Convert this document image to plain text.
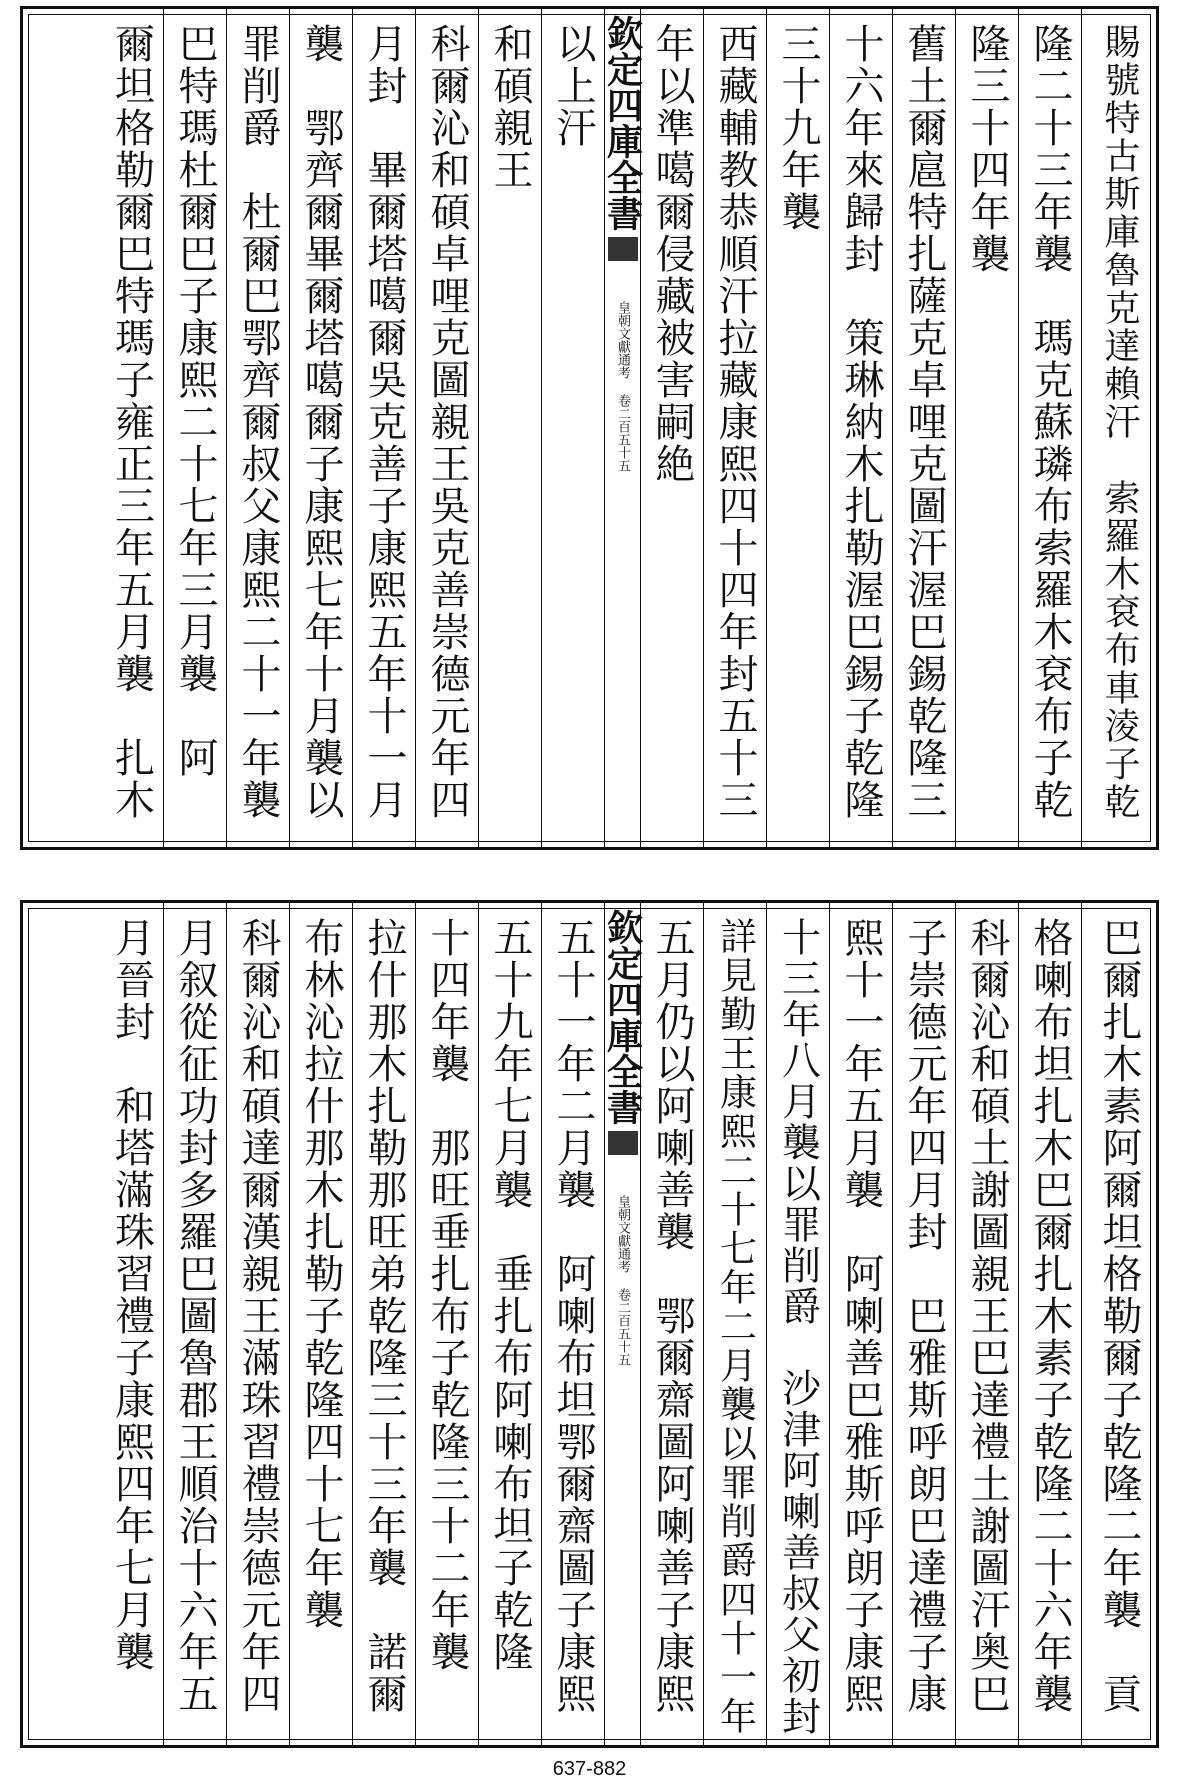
賜號特古斯庫魯克達賴汗　索羅木袞布車淩子乾
隆二十三年襲　瑪克蘇璘布索羅木袞布子乾
隆三十四年襲
舊土爾扈特扎薩克卓哩克圖汗渥巴錫乾隆三
十六年來歸封　策琳納木扎勒渥巴錫子乾隆
三十九年襲
西藏輔教恭順汗拉藏康熙四十四年封五十三
年以準噶爾侵藏被害嗣絶
欽定四庫全書
皇朝文獻通考 卷二百五十五
以上汗
和碩親王
科爾沁和碩卓哩克圖親王吳克善崇德元年四
月封　畢爾塔噶爾吳克善子康熙五年十一月
襲　鄂齊爾畢爾塔噶爾子康熙七年十月襲以
罪削爵　杜爾巴鄂齊爾叔父康熙二十一年襲
巴特瑪杜爾巴子康熙二十七年三月襲　阿
爾坦格勒爾巴特瑪子雍正三年五月襲　扎木
巴爾扎木素阿爾坦格勒爾子乾隆二年襲　貢
格喇布坦扎木巴爾扎木素子乾隆二十六年襲
科爾沁和碩土謝圖親王巴達禮土謝圖汗奥巴
子崇德元年四月封　巴雅斯呼朗巴達禮子康
熙十一年五月襲　阿喇善巴雅斯呼朗子康熙
十三年八月襲以罪削爵　沙津阿喇善叔父初封
詳見勤王康熙二十七年二月襲以罪削爵四十一年
五月仍以阿喇善襲　鄂爾齋圖阿喇善子康熙
欽定四庫全書
皇朝文獻通考 卷二百五十五
五十一年二月襲　阿喇布坦鄂爾齋圖子康熙
五十九年七月襲　垂扎布阿喇布坦子乾隆
十四年襲　那旺垂扎布子乾隆三十二年襲
拉什那木扎勒那旺弟乾隆三十三年襲　諾爾
布林沁拉什那木扎勒子乾隆四十七年襲
科爾沁和碩達爾漢親王滿珠習禮崇德元年四
月叙從征功封多羅巴圖魯郡王順治十六年五
月晉封　和塔滿珠習禮子康熙四年七月襲
637-882
